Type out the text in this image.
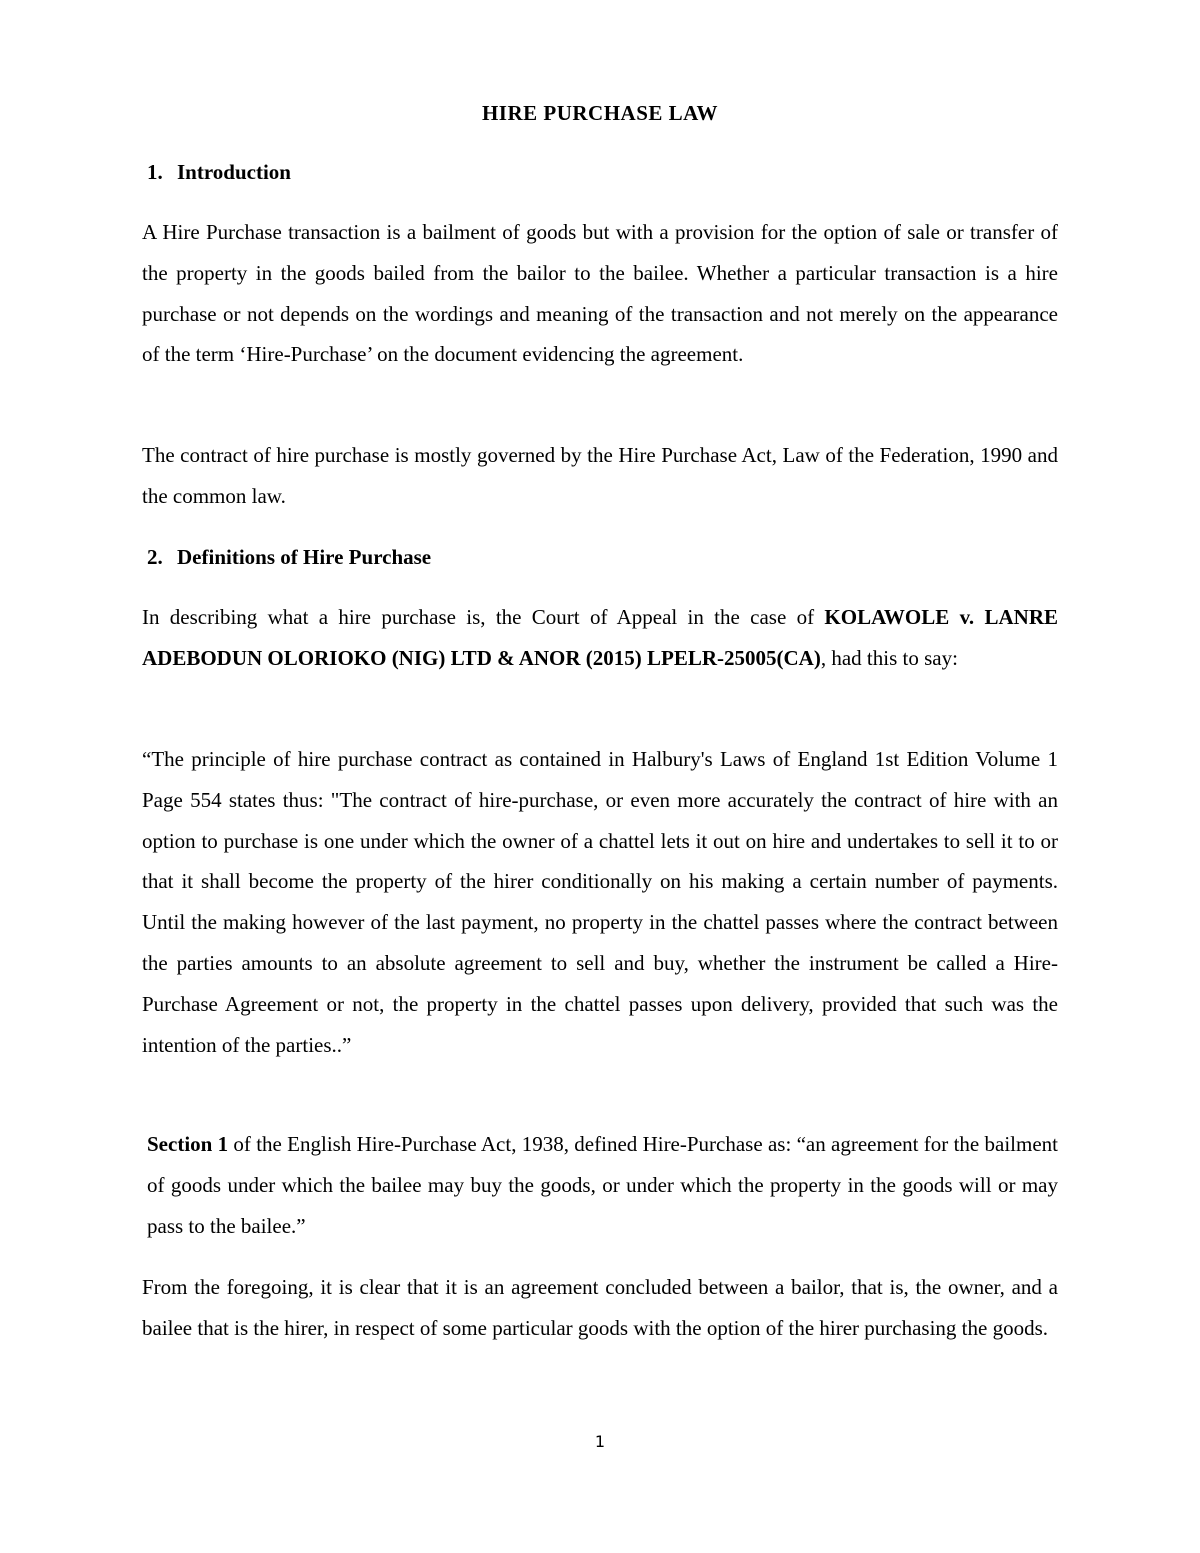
HIRE PURCHASE LAW
1. Introduction

A Hire Purchase transaction is a bailment of goods but with a provision for the option of sale or transfer of the property in the goods bailed from the bailor to the bailee. Whether a particular transaction is a hire purchase or not depends on the wordings and meaning of the transaction and not merely on the appearance of the term ‘Hire-Purchase’ on the document evidencing the agreement.

The contract of hire purchase is mostly governed by the Hire Purchase Act, Law of the Federation, 1990 and the common law.

2. Definitions of Hire Purchase

In describing what a hire purchase is, the Court of Appeal in the case of KOLAWOLE v. LANRE ADEBODUN OLORIOKO (NIG) LTD & ANOR (2015) LPELR-25005(CA), had this to say:

“The principle of hire purchase contract as contained in Halbury's Laws of England 1st Edition Volume 1 Page 554 states thus: "The contract of hire-purchase, or even more accurately the contract of hire with an option to purchase is one under which the owner of a chattel lets it out on hire and undertakes to sell it to or that it shall become the property of the hirer conditionally on his making a certain number of payments. Until the making however of the last payment, no property in the chattel passes where the contract between the parties amounts to an absolute agreement to sell and buy, whether the instrument be called a Hire-Purchase Agreement or not, the property in the chattel passes upon delivery, provided that such was the intention of the parties..”

Section 1 of the English Hire-Purchase Act, 1938, defined Hire-Purchase as: “an agreement for the bailment of goods under which the bailee may buy the goods, or under which the property in the goods will or may pass to the bailee.”

From the foregoing, it is clear that it is an agreement concluded between a bailor, that is, the owner, and a bailee that is the hirer, in respect of some particular goods with the option of the hirer purchasing the goods.

1
